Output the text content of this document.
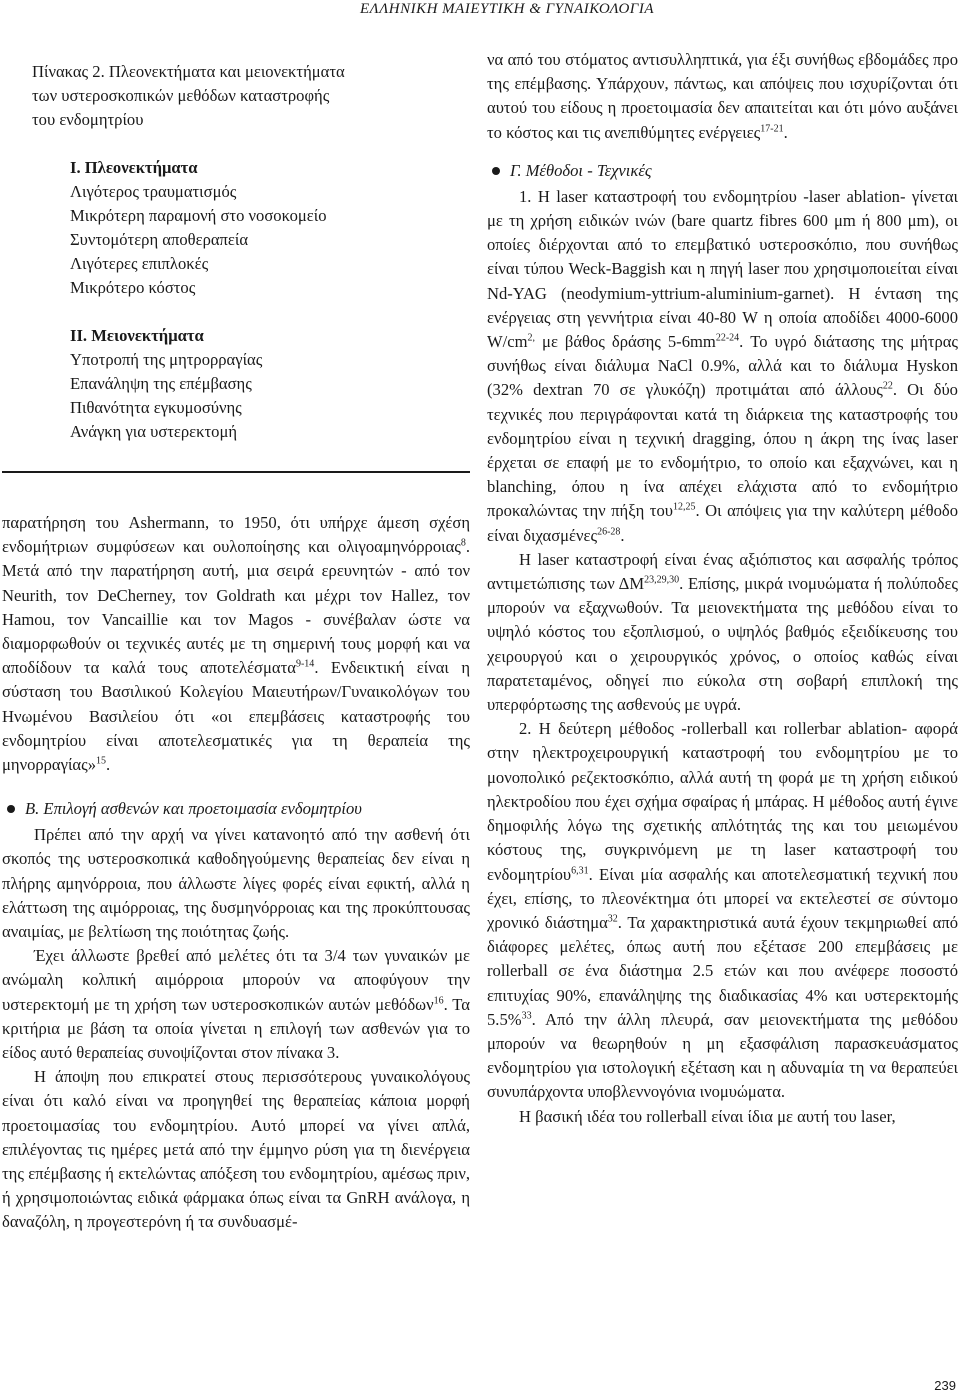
ΕΛΛΗΝΙΚΗ ΜΑΙΕΥΤΙΚΗ & ΓΥΝΑΙΚΟΛΟΓΙΑ
Πίνακας 2. Πλεονεκτήματα και μειονεκτήματα
των υστεροσκοπικών μεθόδων καταστροφής
του ενδομητρίου
Ι. Πλεονεκτήματα
Λιγότερος τραυματισμός
Μικρότερη παραμονή στο νοσοκομείο
Συντομότερη αποθεραπεία
Λιγότερες επιπλοκές
Μικρότερο κόστος
ΙΙ. Μειονεκτήματα
Υποτροπή της μητρορραγίας
Επανάληψη της επέμβασης
Πιθανότητα εγκυμοσύνης
Ανάγκη για υστερεκτομή

παρατήρηση του Ashermann, το 1950, ότι υπήρχε άμεση σχέση ενδομήτριων συμφύσεων και ουλοποίησης και ολιγοαμηνόρροιας$^8$. Μετά από την παρατήρηση αυτή, μια σειρά ερευνητών - από τον Neurith, τον DeCherney, τον Goldrath και μέχρι τον Hallez, τον Hamou, τον Vancaillie και τον Magos - συνέβαλαν ώστε να διαμορφωθούν οι τεχνικές αυτές με τη σημερινή τους μορφή και να αποδίδουν τα καλά τους αποτελέσματα$^{9-14}$. Ενδεικτική είναι η σύσταση του Βασιλικού Κολεγίου Μαιευτήρων/Γυναικολόγων του Ηνωμένου Βασιλείου ότι «οι επεμβάσεις καταστροφής του ενδομητρίου είναι αποτελεσματικές για τη θεραπεία της μηνορραγίας»$^{15}$.

Β. Επιλογή ασθενών και προετοιμασία ενδομητρίου

Πρέπει από την αρχή να γίνει κατανοητό από την ασθενή ότι σκοπός της υστεροσκοπικά καθοδηγούμενης θεραπείας δεν είναι η πλήρης αμηνόρροια, που άλλωστε λίγες φορές είναι εφικτή, αλλά η ελάττωση της αιμόρροιας, της δυσμηνόρροιας και της προκύπτουσας αναιμίας, με βελτίωση της ποιότητας ζωής.

Έχει άλλωστε βρεθεί από μελέτες ότι τα 3/4 των γυναικών με ανώμαλη κολπική αιμόρροια μπορούν να αποφύγουν την υστερεκτομή με τη χρήση των υστεροσκοπικών αυτών μεθόδων$^{16}$. Τα κριτήρια με βάση τα οποία γίνεται η επιλογή των ασθενών για το είδος αυτό θεραπείας συνοψίζονται στον πίνακα 3.

Η άποψη που επικρατεί στους περισσότερους γυναικολόγους είναι ότι καλό είναι να προηγηθεί της θεραπείας κάποια μορφή προετοιμασίας του ενδομητρίου. Αυτό μπορεί να γίνει απλά, επιλέγοντας τις ημέρες μετά από την έμμηνο ρύση για τη διενέργεια της επέμβασης ή εκτελώντας απόξεση του ενδομητρίου, αμέσως πριν, ή χρησιμοποιώντας ειδικά φάρμακα όπως είναι τα GnRH ανάλογα, η δαναζόλη, η προγεστερόνη ή τα συνδυασμέ-

να από του στόματος αντισυλληπτικά, για έξι συνήθως εβδομάδες προ της επέμβασης. Υπάρχουν, πάντως, και απόψεις που ισχυρίζονται ότι αυτού του είδους η προετοιμασία δεν απαιτείται και ότι μόνο αυξάνει το κόστος και τις ανεπιθύμητες ενέργειες$^{17-21}$.

Γ. Μέθοδοι - Τεχνικές

1. Η laser καταστροφή του ενδομητρίου -laser ablation- γίνεται με τη χρήση ειδικών ινών (bare quartz fibres 600 μm ή 800 μm), οι οποίες διέρχονται από το επεμβατικό υστεροσκόπιο, που συνήθως είναι τύπου Weck-Baggish και η πηγή laser που χρησιμοποιείται είναι Nd-YAG (neodymium-yttrium-aluminium-garnet). Η ένταση της ενέργειας στη γεννήτρια είναι 40-80 W η οποία αποδίδει 4000-6000 $W/cm^{2,}$ με βάθος δράσης $5-6mm^{22-24}$. Το υγρό διάτασης της μήτρας συνήθως είναι διάλυμα NaCl 0.9%, αλλά και το διάλυμα Hyskon (32% dextran 70 σε γλυκόζη) προτιμάται από άλλους$^{22}$. Οι δύο τεχνικές που περιγράφονται κατά τη διάρκεια της καταστροφής του ενδομητρίου είναι η τεχνική dragging, όπου η άκρη της ίνας laser έρχεται σε επαφή με το ενδομήτριο, το οποίο και εξαχνώνει, και η blanching, όπου η ίνα απέχει ελάχιστα από το ενδομήτριο προκαλώντας την πήξη του$^{12,25}$. Οι απόψεις για την καλύτερη μέθοδο είναι διχασμένες$^{26-28}$.

Η laser καταστροφή είναι ένας αξιόπιστος και ασφαλής τρόπος αντιμετώπισης των ΔΜ$^{23,29,30}$. Επίσης, μικρά ινομυώματα ή πολύποδες μπορούν να εξαχνωθούν. Τα μειονεκτήματα της μεθόδου είναι το υψηλό κόστος του εξοπλισμού, ο υψηλός βαθμός εξειδίκευσης του χειρουργού και ο χειρουργικός χρόνος, ο οποίος καθώς είναι παρατεταμένος, οδηγεί πιο εύκολα στη σοβαρή επιπλοκή της υπερφόρτωσης της ασθενούς με υγρά.

2. Η δεύτερη μέθοδος -rollerball και rollerbar ablation- αφορά στην ηλεκτροχειρουργική καταστροφή του ενδομητρίου με το μονοπολικό ρεζεκτοσκόπιο, αλλά αυτή τη φορά με τη χρήση ειδικού ηλεκτροδίου που έχει σχήμα σφαίρας ή μπάρας. Η μέθοδος αυτή έγινε δημοφιλής λόγω της σχετικής απλότητάς της και του μειωμένου κόστους της, συγκρινόμενη με τη laser καταστροφή του ενδομητρίου$^{6,31}$. Είναι μία ασφαλής και αποτελεσματική τεχνική που έχει, επίσης, το πλεονέκτημα ότι μπορεί να εκτελεστεί σε σύντομο χρονικό διάστημα$^{32}$. Τα χαρακτηριστικά αυτά έχουν τεκμηριωθεί από διάφορες μελέτες, όπως αυτή που εξέτασε 200 επεμβάσεις με rollerball σε ένα διάστημα 2.5 ετών και που ανέφερε ποσοστό επιτυχίας 90%, επανάληψης της διαδικασίας 4% και υστερεκτομής 5.5%$^{33}$. Από την άλλη πλευρά, σαν μειονεκτήματα της μεθόδου μπορούν να θεωρηθούν η μη εξασφάλιση παρασκευάσματος ενδομητρίου για ιστολογική εξέταση και η αδυναμία τη να θεραπεύει συνυπάρχοντα υποβλεννογόνια ινομυώματα.

Η βασική ιδέα του rollerball είναι ίδια με αυτή του laser,

239
